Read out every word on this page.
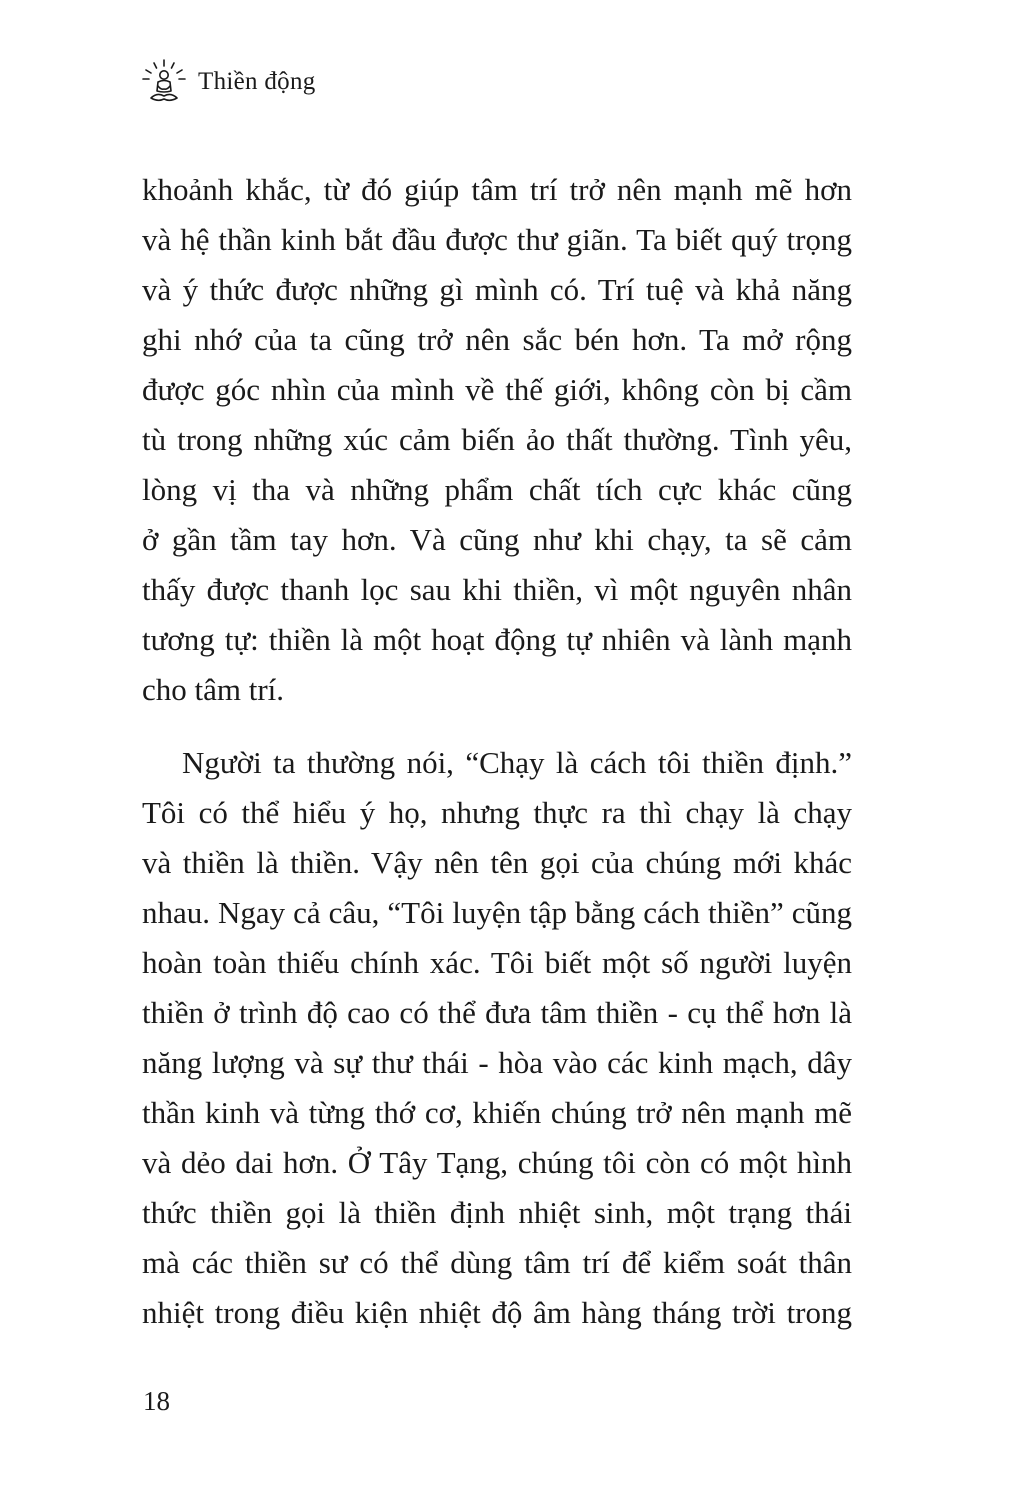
Thiền động

khoảnh khắc, từ đó giúp tâm trí trở nên mạnh mẽ hơn
và hệ thần kinh bắt đầu được thư giãn. Ta biết quý trọng
và ý thức được những gì mình có. Trí tuệ và khả năng
ghi nhớ của ta cũng trở nên sắc bén hơn. Ta mở rộng
được góc nhìn của mình về thế giới, không còn bị cầm
tù trong những xúc cảm biến ảo thất thường. Tình yêu,
lòng vị tha và những phẩm chất tích cực khác cũng
ở gần tầm tay hơn. Và cũng như khi chạy, ta sẽ cảm
thấy được thanh lọc sau khi thiền, vì một nguyên nhân
tương tự: thiền là một hoạt động tự nhiên và lành mạnh
cho tâm trí.

Người ta thường nói, “Chạy là cách tôi thiền định.”
Tôi có thể hiểu ý họ, nhưng thực ra thì chạy là chạy
và thiền là thiền. Vậy nên tên gọi của chúng mới khác
nhau. Ngay cả câu, “Tôi luyện tập bằng cách thiền” cũng
hoàn toàn thiếu chính xác. Tôi biết một số người luyện
thiền ở trình độ cao có thể đưa tâm thiền - cụ thể hơn là
năng lượng và sự thư thái - hòa vào các kinh mạch, dây
thần kinh và từng thớ cơ, khiến chúng trở nên mạnh mẽ
và dẻo dai hơn. Ở Tây Tạng, chúng tôi còn có một hình
thức thiền gọi là thiền định nhiệt sinh, một trạng thái
mà các thiền sư có thể dùng tâm trí để kiểm soát thân
nhiệt trong điều kiện nhiệt độ âm hàng tháng trời trong

18
